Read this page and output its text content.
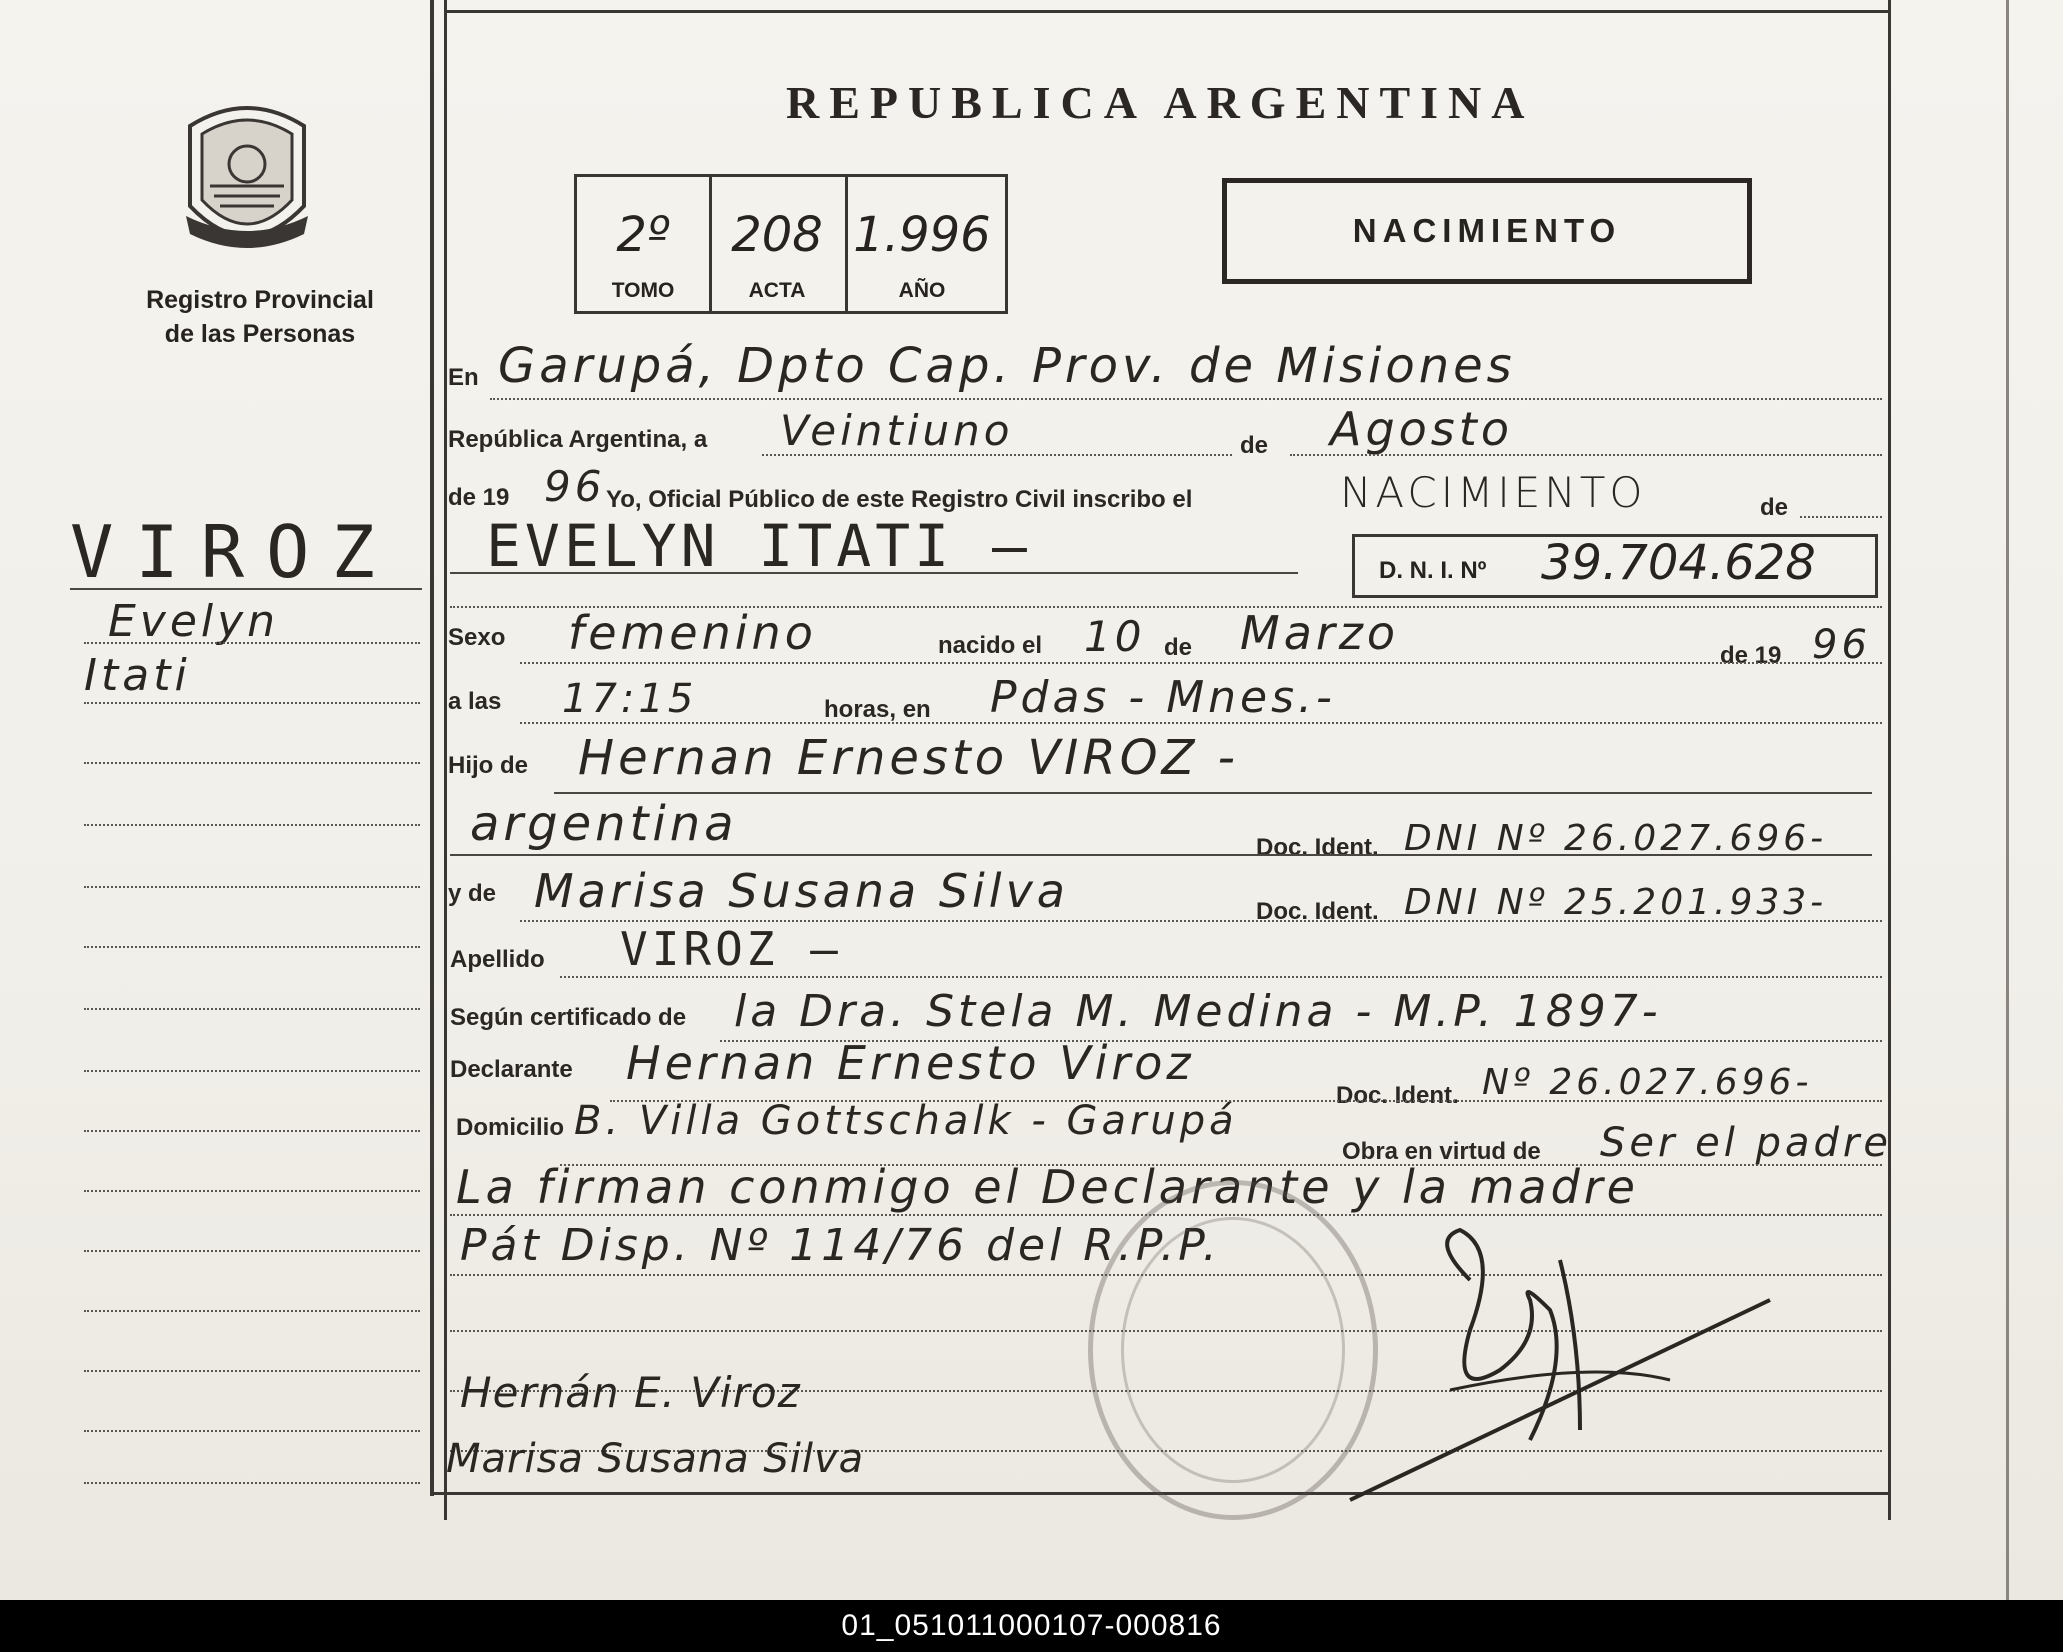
Registro Provincial
de las Personas
VIROZ
Evelyn
Itati
REPUBLICA ARGENTINA
2º
TOMO
208
ACTA
1.996
AÑO
NACIMIENTO
En Garupá, Dpto Cap. Prov. de Misiones
República Argentina, a Veintiuno	de Agosto
de 19 96 Yo, Oficial Público de este Registro Civil inscribo el	NACIMIENTO	de
EVELYN ITATI —	D. N. I. Nº 39.704.628
Sexo femenino	nacido el 10 de Marzo	de 19 96
a las 17:15	horas, en Pdas - Mnes.-
Hijo de Hernan Ernesto VIROZ -
argentina	Doc. Ident. DNI Nº 26.027.696-
y de Marisa Susana Silva	Doc. Ident. DNI Nº 25.201.933-
Apellido VIROZ —
Según certificado de la Dra. Stela M. Medina - M.P. 1897-
Declarante Hernan Ernesto Viroz
Doc. Ident. Nº 26.027.696-
Domicilio B. Villa Gottschalk - Garupá
Obra en virtud de Ser el padre
La firman conmigo el Declarante y la madre
Pát Disp. Nº 114/76 del R.P.P.
Hernán E. Viroz
Marisa Susana Silva
01_051011000107-000816
